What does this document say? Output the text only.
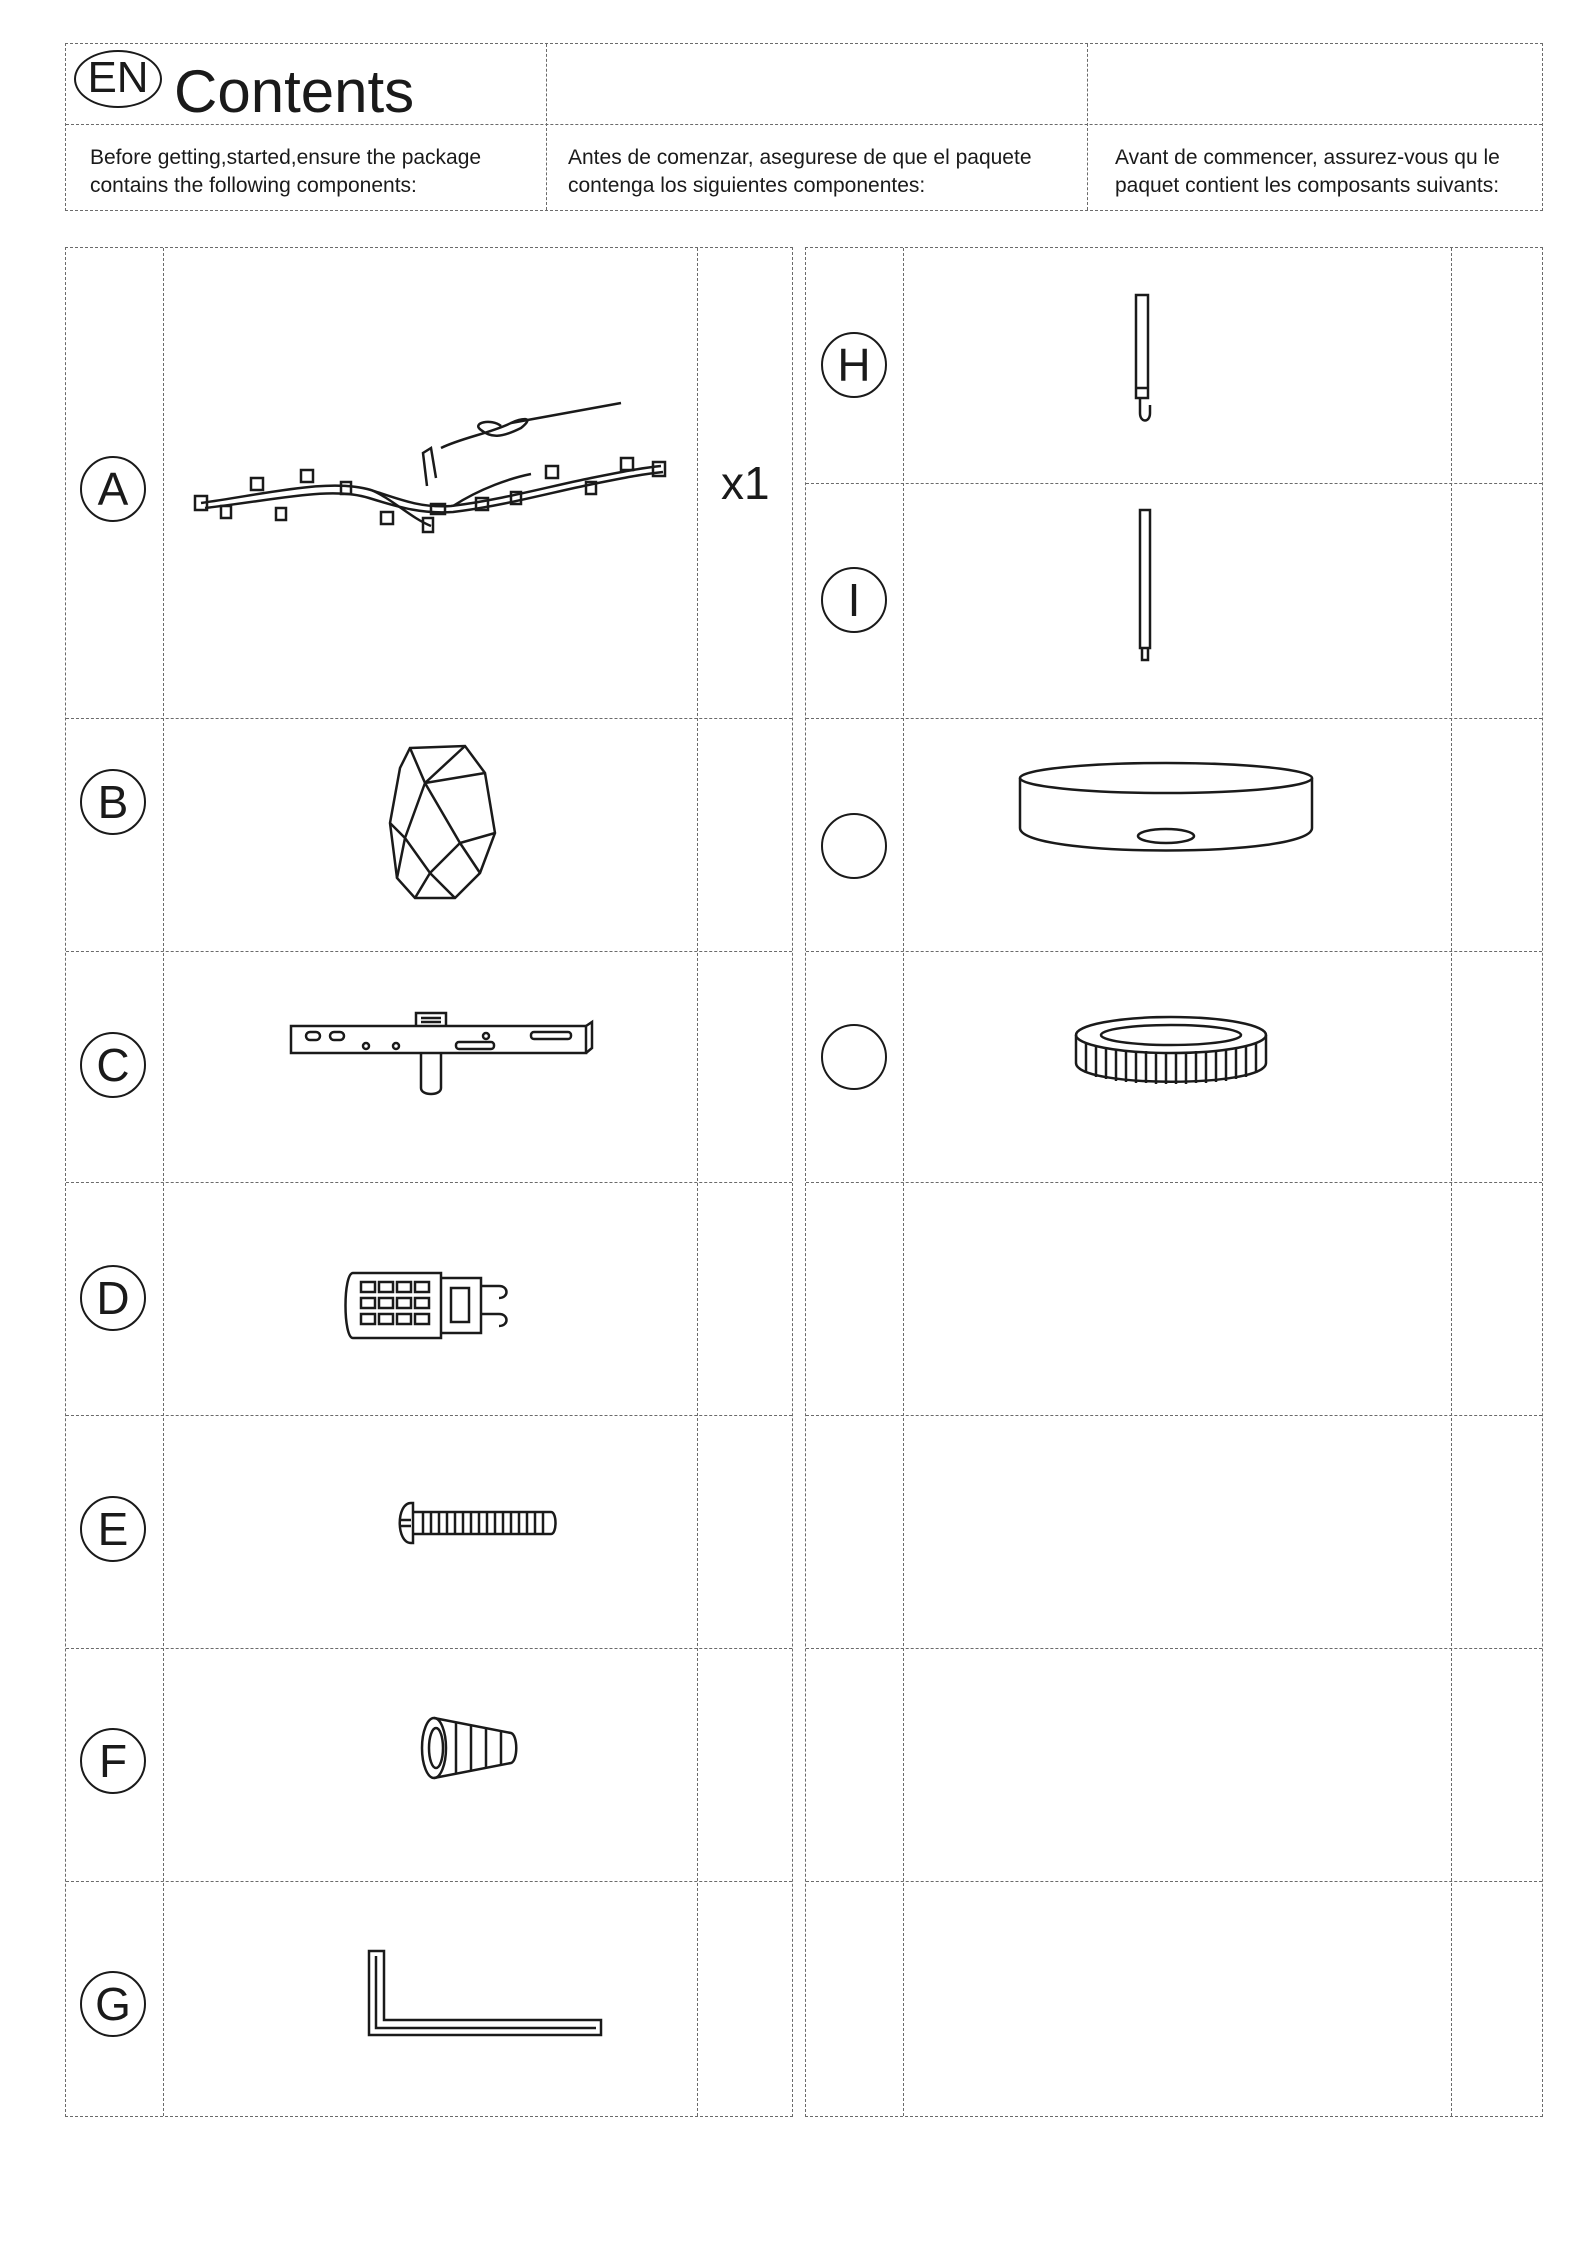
EN Contents
Before getting,started,ensure the package
contains the following components:
Antes de comenzar, asegurese de que el paquete
contenga los siguientes componentes:
Avant de commencer, assurez-vous qu le
paquet contient les composants suivants:
A	x1
B
C
D
E
F
G
H
I
